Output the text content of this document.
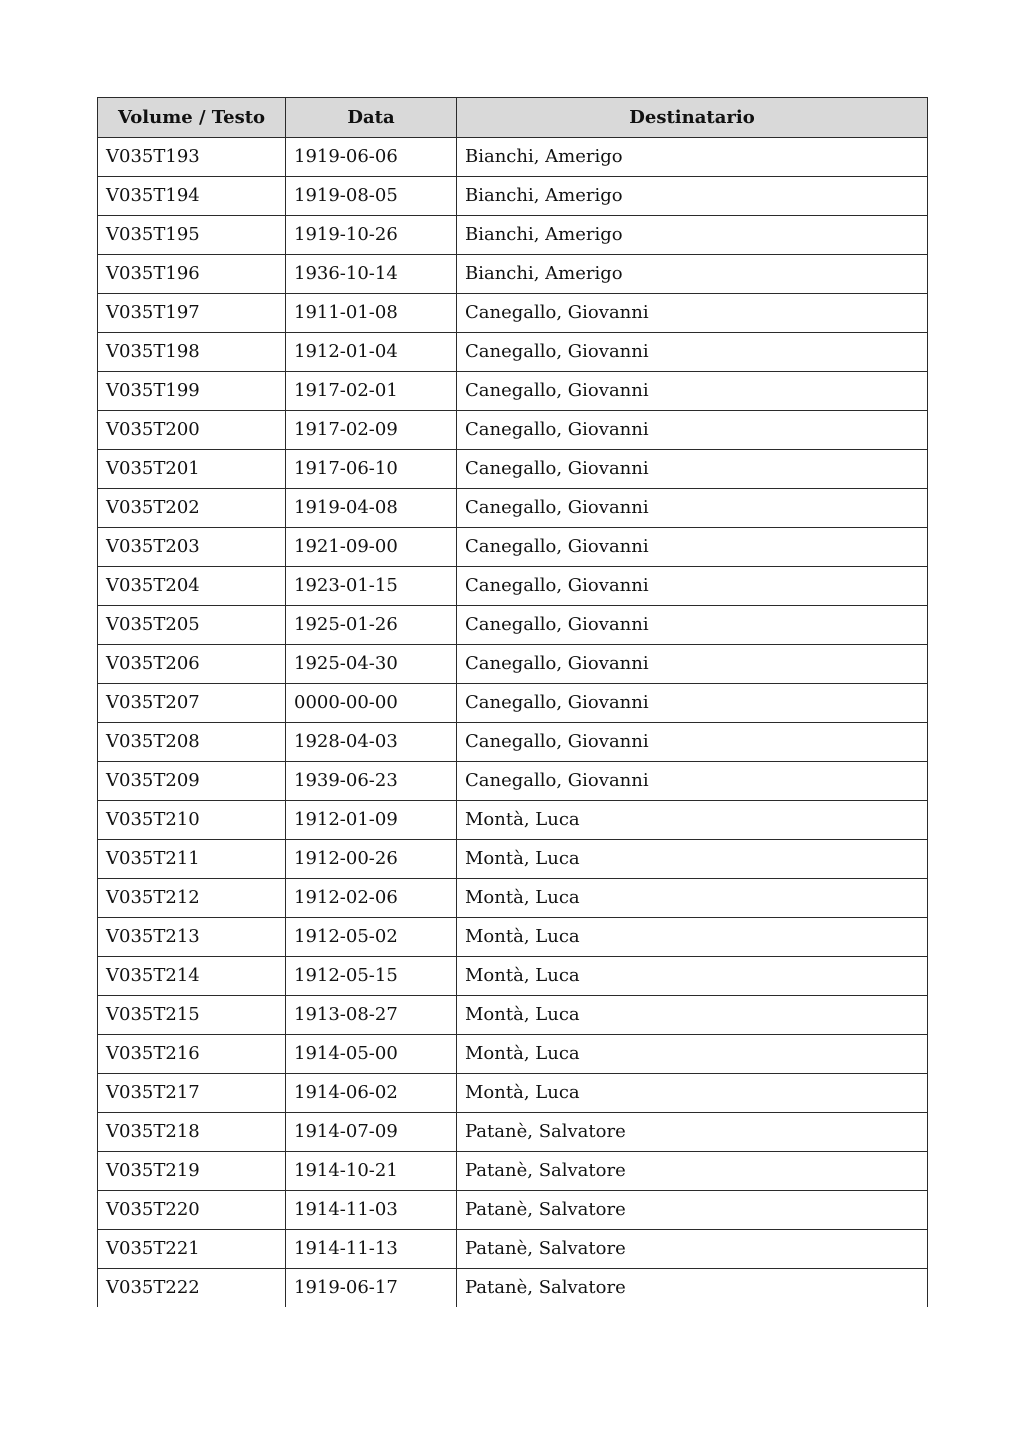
Volume / Testo	Data	Destinatario
V035T193	1919-06-06	Bianchi, Amerigo
V035T194	1919-08-05	Bianchi, Amerigo
V035T195	1919-10-26	Bianchi, Amerigo
V035T196	1936-10-14	Bianchi, Amerigo
V035T197	1911-01-08	Canegallo, Giovanni
V035T198	1912-01-04	Canegallo, Giovanni
V035T199	1917-02-01	Canegallo, Giovanni
V035T200	1917-02-09	Canegallo, Giovanni
V035T201	1917-06-10	Canegallo, Giovanni
V035T202	1919-04-08	Canegallo, Giovanni
V035T203	1921-09-00	Canegallo, Giovanni
V035T204	1923-01-15	Canegallo, Giovanni
V035T205	1925-01-26	Canegallo, Giovanni
V035T206	1925-04-30	Canegallo, Giovanni
V035T207	0000-00-00	Canegallo, Giovanni
V035T208	1928-04-03	Canegallo, Giovanni
V035T209	1939-06-23	Canegallo, Giovanni
V035T210	1912-01-09	Montà, Luca
V035T211	1912-00-26	Montà, Luca
V035T212	1912-02-06	Montà, Luca
V035T213	1912-05-02	Montà, Luca
V035T214	1912-05-15	Montà, Luca
V035T215	1913-08-27	Montà, Luca
V035T216	1914-05-00	Montà, Luca
V035T217	1914-06-02	Montà, Luca
V035T218	1914-07-09	Patanè, Salvatore
V035T219	1914-10-21	Patanè, Salvatore
V035T220	1914-11-03	Patanè, Salvatore
V035T221	1914-11-13	Patanè, Salvatore
V035T222	1919-06-17	Patanè, Salvatore
